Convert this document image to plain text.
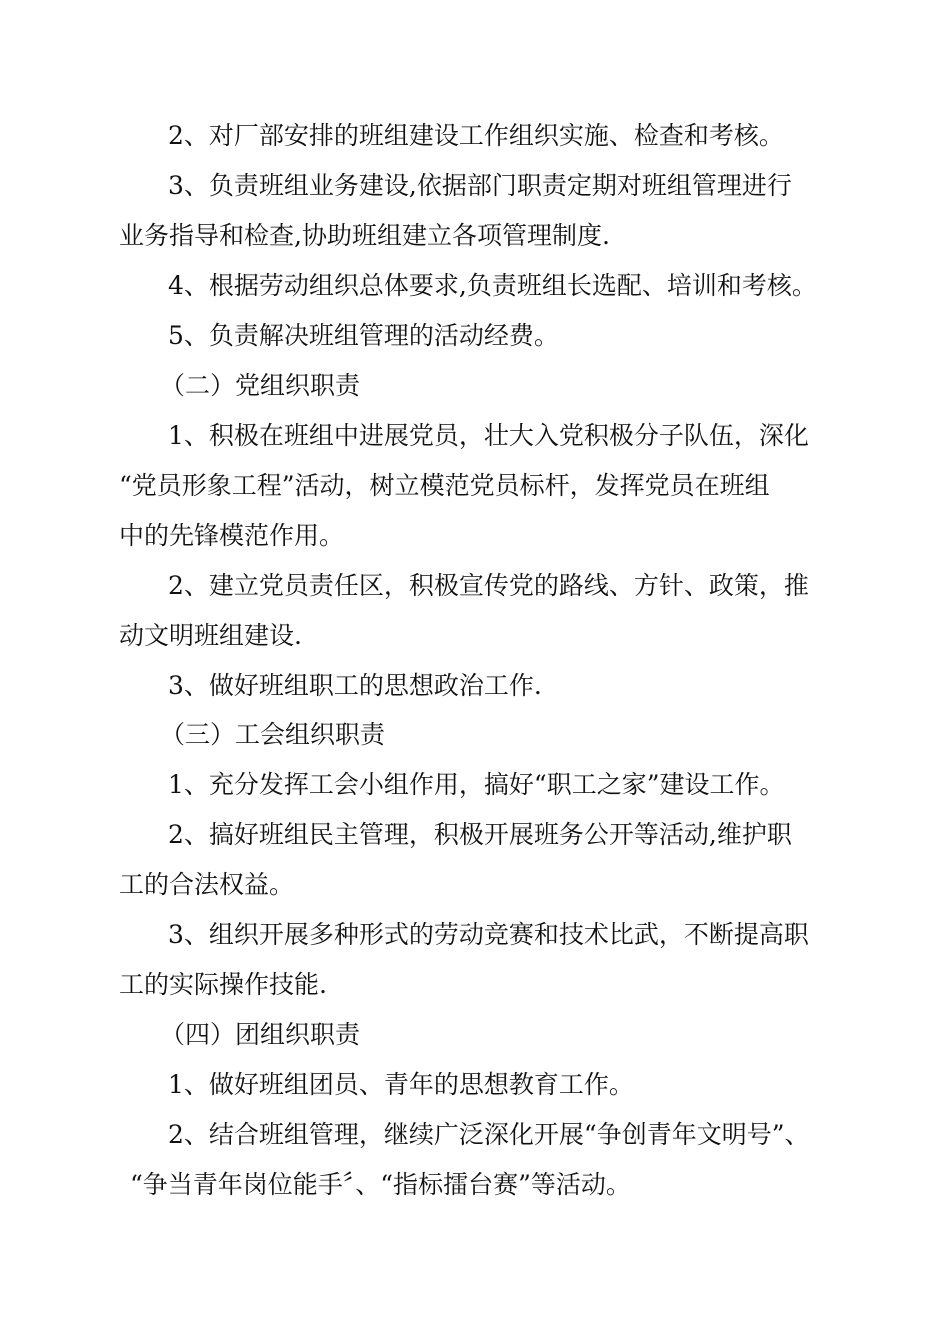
2、对厂部安排的班组建设工作组织实施、检查和考核。
3、负责班组业务建设,依据部门职责定期对班组管理进行
业务指导和检查,协助班组建立各项管理制度.
4、根据劳动组织总体要求,负责班组长选配、培训和考核。
5、负责解决班组管理的活动经费。
（二）党组织职责
1、积极在班组中进展党员，壮大入党积极分子队伍，深化
“党员形象工程”活动，树立模范党员标杆，发挥党员在班组
中的先锋模范作用。
2、建立党员责任区，积极宣传党的路线、方针、政策，推
动文明班组建设.
3、做好班组职工的思想政治工作.
（三）工会组织职责
1、充分发挥工会小组作用，搞好“职工之家”建设工作。
2、搞好班组民主管理，积极开展班务公开等活动,维护职
工的合法权益。
3、组织开展多种形式的劳动竞赛和技术比武，不断提高职
工的实际操作技能.
（四）团组织职责
1、做好班组团员、青年的思想教育工作。
2、结合班组管理，继续广泛深化开展“争创青年文明号”、
“争当青年岗位能手〞、“指标擂台赛”等活动。
